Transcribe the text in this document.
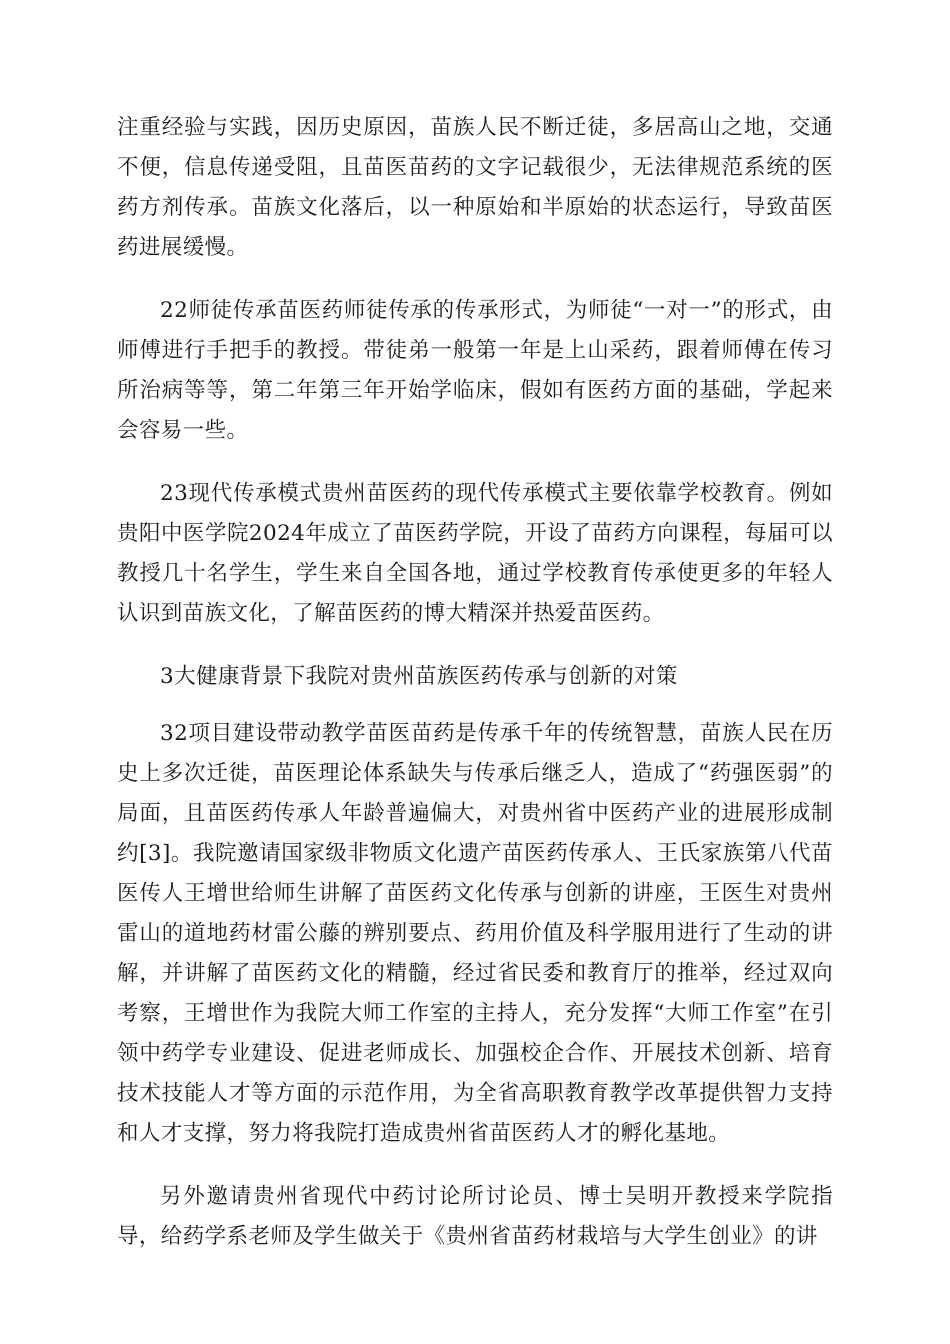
注重经验与实践，因历史原因，苗族人民不断迁徒，多居高山之地，交通不便，信息传递受阻，且苗医苗药的文字记载很少，无法律规范系统的医药方剂传承。苗族文化落后，以一种原始和半原始的状态运行，导致苗医药进展缓慢。

22师徒传承苗医药师徒传承的传承形式，为师徒“一对一”的形式，由师傅进行手把手的教授。带徒弟一般第一年是上山采药，跟着师傅在传习所治病等等，第二年第三年开始学临床，假如有医药方面的基础，学起来会容易一些。

23现代传承模式贵州苗医药的现代传承模式主要依靠学校教育。例如贵阳中医学院2024年成立了苗医药学院，开设了苗药方向课程，每届可以教授几十名学生，学生来自全国各地，通过学校教育传承使更多的年轻人认识到苗族文化，了解苗医药的博大精深并热爱苗医药。

3大健康背景下我院对贵州苗族医药传承与创新的对策

32项目建设带动教学苗医苗药是传承千年的传统智慧，苗族人民在历史上多次迁徙，苗医理论体系缺失与传承后继乏人，造成了“药强医弱”的局面，且苗医药传承人年龄普遍偏大，对贵州省中医药产业的进展形成制约[3]。我院邀请国家级非物质文化遗产苗医药传承人、王氏家族第八代苗医传人王增世给师生讲解了苗医药文化传承与创新的讲座，王医生对贵州雷山的道地药材雷公藤的辨别要点、药用价值及科学服用进行了生动的讲解，并讲解了苗医药文化的精髓，经过省民委和教育厅的推举，经过双向考察，王增世作为我院大师工作室的主持人，充分发挥“大师工作室”在引领中药学专业建设、促进老师成长、加强校企合作、开展技术创新、培育技术技能人才等方面的示范作用，为全省高职教育教学改革提供智力支持和人才支撑，努力将我院打造成贵州省苗医药人才的孵化基地。

另外邀请贵州省现代中药讨论所讨论员、博士吴明开教授来学院指导，给药学系老师及学生做关于《贵州省苗药材栽培与大学生创业》的讲
